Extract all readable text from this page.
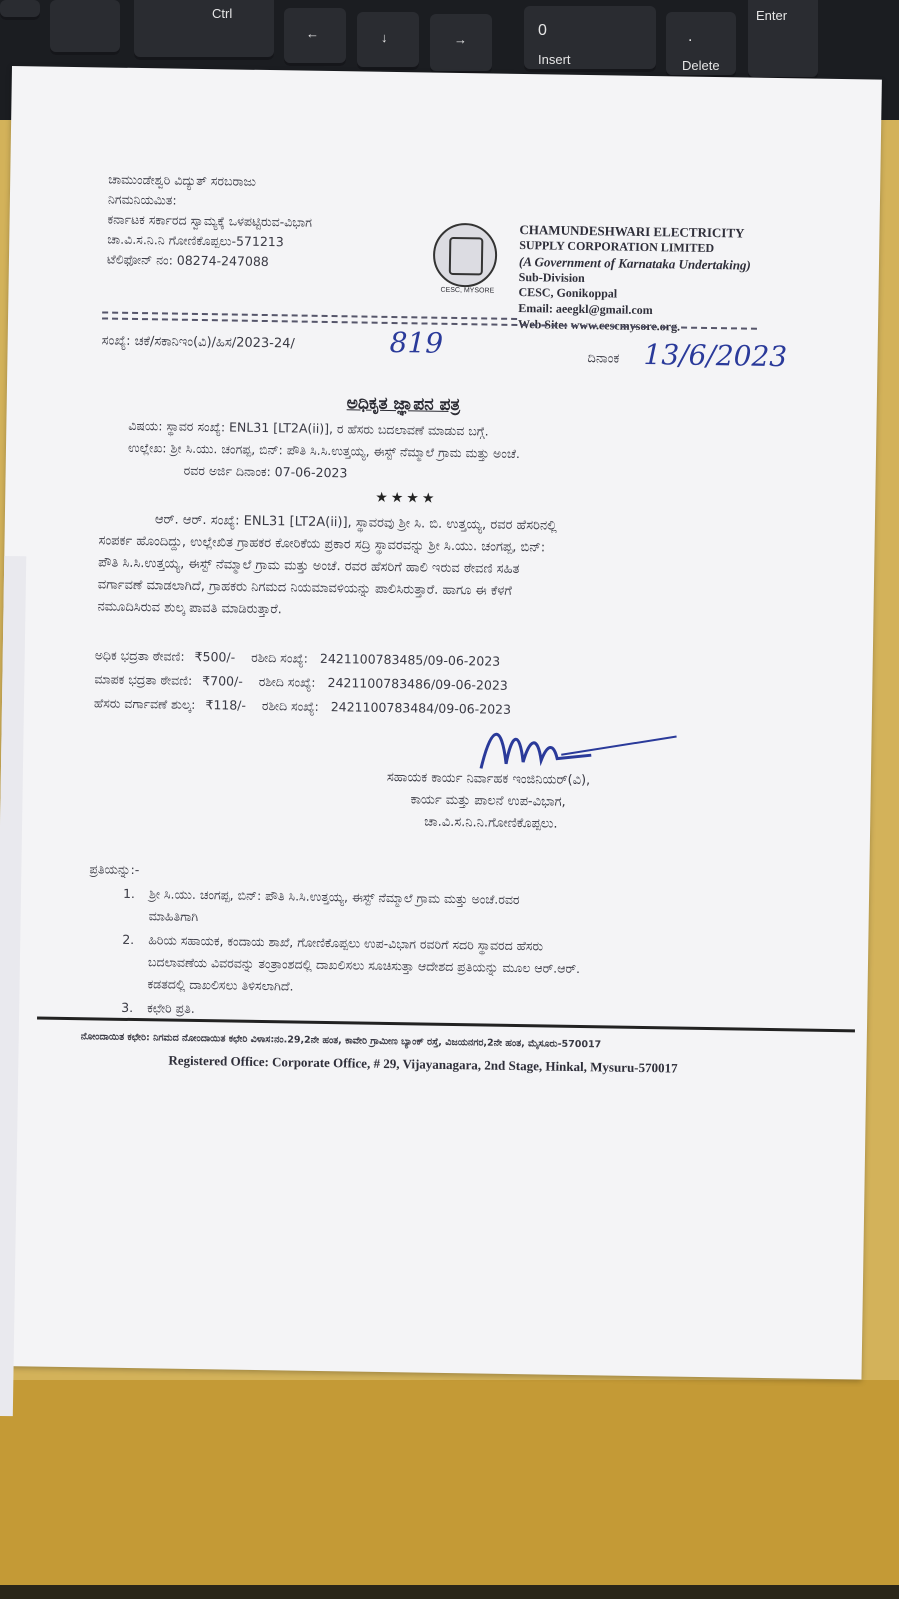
Ctrl
←	↓	→
0
Insert
.
Delete
Enter
ಚಾಮುಂಡೇಶ್ವರಿ ವಿದ್ಯುತ್ ಸರಬರಾಜು
ನಿಗಮನಿಯಮಿತ:
ಕರ್ನಾಟಕ ಸರ್ಕಾರದ ಸ್ವಾಮ್ಯಕ್ಕೆ ಒಳಪಟ್ಟಿರುವ-ವಿಭಾಗ
ಚಾ.ವಿ.ಸ.ನಿ.ನಿ ಗೋಣಿಕೊಪ್ಪಲು-571213
ಟೆಲಿಫೋನ್ ನಂ: 08274-247088
CESC, MYSORE
CHAMUNDESHWARI ELECTRICITY
SUPPLY CORPORATION LIMITED
(A Government of Karnataka Undertaking)
Sub-Division
CESC, Gonikoppal
Email: aeegkl@gmail.com
Web Site: www.cescmysore.org.
ಸಂಖ್ಯೆ: ಚಕೆ/ಸಕಾನಿಇಂ(ವಿ)/ಹಿಸ/2023-24/	819	ದಿನಾಂಕ 13/6/2023
ಅಧಿಕೃತ ಜ್ಞಾಪನ ಪತ್ರ
ವಿಷಯ: ಸ್ಥಾವರ ಸಂಖ್ಯೆ: ENL31 [LT2A(ii)], ರ ಹೆಸರು ಬದಲಾವಣೆ ಮಾಡುವ ಬಗ್ಗೆ.
ಉಲ್ಲೇಖ: ಶ್ರೀ ಸಿ.ಯು. ಚಂಗಪ್ಪ, ಬಿನ್: ಪೌತಿ ಸಿ.ಸಿ.ಉತ್ತಯ್ಯ, ಈಸ್ಟ್ ನೆಮ್ಮಾಲೆ ಗ್ರಾಮ ಮತ್ತು ಅಂಚೆ.
ರವರ ಅರ್ಜಿ ದಿನಾಂಕ: 07-06-2023
★★★★
ಆರ್. ಆರ್. ಸಂಖ್ಯೆ: ENL31 [LT2A(ii)], ಸ್ಥಾವರವು ಶ್ರೀ ಸಿ. ಬಿ. ಉತ್ತಯ್ಯ, ರವರ ಹೆಸರಿನಲ್ಲಿ
ಸಂಪರ್ಕ ಹೊಂದಿದ್ದು, ಉಲ್ಲೇಖಿತ ಗ್ರಾಹಕರ ಕೋರಿಕೆಯ ಪ್ರಕಾರ ಸದ್ರಿ ಸ್ಥಾವರವನ್ನು ಶ್ರೀ ಸಿ.ಯು. ಚಂಗಪ್ಪ, ಬಿನ್:
ಪೌತಿ ಸಿ.ಸಿ.ಉತ್ತಯ್ಯ, ಈಸ್ಟ್ ನೆಮ್ಮಾಲೆ ಗ್ರಾಮ ಮತ್ತು ಅಂಚೆ. ರವರ ಹೆಸರಿಗೆ ಹಾಲಿ ಇರುವ ಠೇವಣಿ ಸಹಿತ
ವರ್ಗಾವಣೆ ಮಾಡಲಾಗಿದೆ, ಗ್ರಾಹಕರು ನಿಗಮದ ನಿಯಮಾವಳಿಯನ್ನು ಪಾಲಿಸಿರುತ್ತಾರೆ. ಹಾಗೂ ಈ ಕೆಳಗೆ
ನಮೂದಿಸಿರುವ ಶುಲ್ಕ ಪಾವತಿ ಮಾಡಿರುತ್ತಾರೆ.
ಅಧಿಕ ಭದ್ರತಾ ಠೇವಣಿ: ₹500/- ರಶೀದಿ ಸಂಖ್ಯೆ: 2421100783485/09-06-2023
ಮಾಪಕ ಭದ್ರತಾ ಠೇವಣಿ: ₹700/- ರಶೀದಿ ಸಂಖ್ಯೆ: 2421100783486/09-06-2023
ಹೆಸರು ವರ್ಗಾವಣೆ ಶುಲ್ಕ: ₹118/- ರಶೀದಿ ಸಂಖ್ಯೆ: 2421100783484/09-06-2023
ಸಹಾಯಕ ಕಾರ್ಯ ನಿರ್ವಾಹಕ ಇಂಜಿನಿಯರ್(ವಿ),
ಕಾರ್ಯ ಮತ್ತು ಪಾಲನೆ ಉಪ-ವಿಭಾಗ,
ಚಾ.ವಿ.ಸ.ನಿ.ನಿ.ಗೋಣಿಕೊಪ್ಪಲು.
ಪ್ರತಿಯನ್ನು:-
1. ಶ್ರೀ ಸಿ.ಯು. ಚಂಗಪ್ಪ, ಬಿನ್: ಪೌತಿ ಸಿ.ಸಿ.ಉತ್ತಯ್ಯ, ಈಸ್ಟ್ ನೆಮ್ಮಾಲೆ ಗ್ರಾಮ ಮತ್ತು ಅಂಚೆ.ರವರ
ಮಾಹಿತಿಗಾಗಿ
2. ಹಿರಿಯ ಸಹಾಯಕ, ಕಂದಾಯ ಶಾಖೆ, ಗೋಣಿಕೊಪ್ಪಲು ಉಪ-ವಿಭಾಗ ರವರಿಗೆ ಸದರಿ ಸ್ಥಾವರದ ಹೆಸರು
ಬದಲಾವಣೆಯ ವಿವರವನ್ನು ತಂತ್ರಾಂಶದಲ್ಲಿ ದಾಖಲಿಸಲು ಸೂಚಿಸುತ್ತಾ ಆದೇಶದ ಪ್ರತಿಯನ್ನು ಮೂಲ ಆರ್.ಆರ್.
ಕಡತದಲ್ಲಿ ದಾಖಲಿಸಲು ತಿಳಿಸಲಾಗಿದೆ.
3. ಕಛೇರಿ ಪ್ರತಿ.
ನೋಂದಾಯಿತ ಕಛೇರಿ: ನಿಗಮದ ನೋಂದಾಯಿತ ಕಛೇರಿ ವಿಳಾಸ:ನಂ.29,2ನೇ ಹಂತ, ಕಾವೇರಿ ಗ್ರಾಮೀಣ ಬ್ಯಾಂಕ್ ರಸ್ತೆ, ವಿಜಯನಗರ,2ನೇ ಹಂತ, ಮೈಸೂರು-570017
Registered Office: Corporate Office, # 29, Vijayanagara, 2nd Stage, Hinkal, Mysuru-570017
